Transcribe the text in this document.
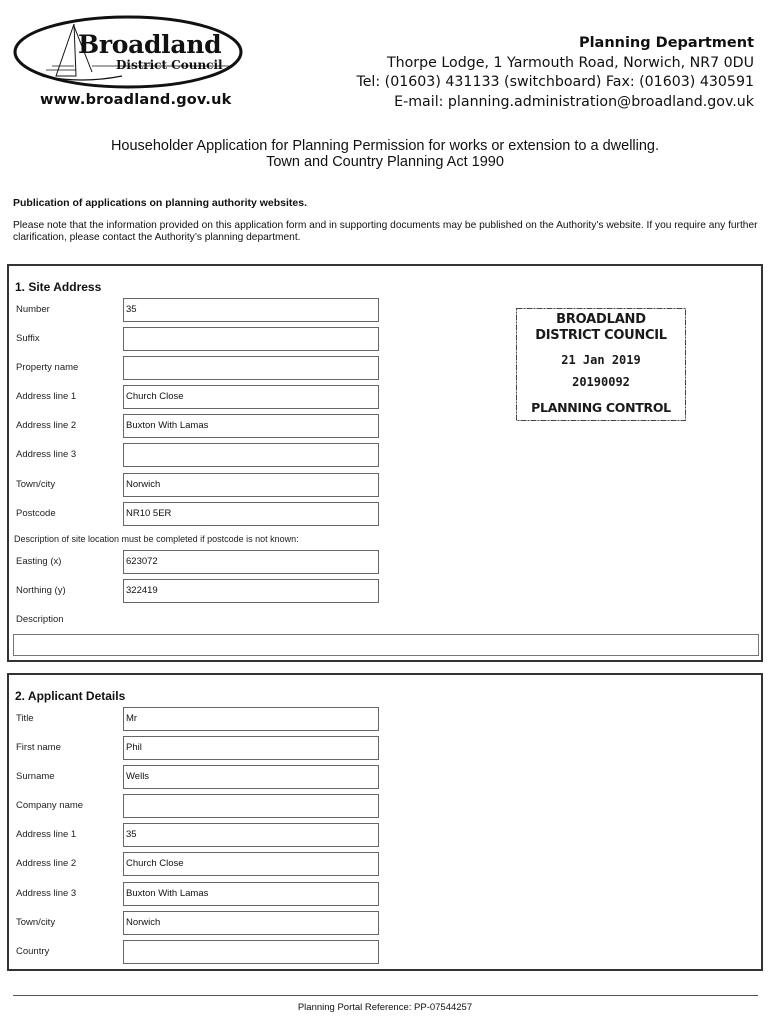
Broadland
District Council
www.broadland.gov.uk
Planning Department
Thorpe Lodge, 1 Yarmouth Road, Norwich, NR7 0DU
Tel: (01603) 431133 (switchboard) Fax: (01603) 430591
E-mail: planning.administration@broadland.gov.uk
Householder Application for Planning Permission for works or extension to a dwelling.
Town and Country Planning Act 1990
Publication of applications on planning authority websites.
Please note that the information provided on this application form and in supporting documents may be published on the Authority’s website. If you require any further clarification, please contact the Authority’s planning department.
1. Site Address
Number	35
Suffix
Property name
Address line 1	Church Close
Address line 2	Buxton With Lamas
Address line 3
Town/city	Norwich
Postcode	NR10 5ER
Description of site location must be completed if postcode is not known:
Easting (x)	623072
Northing (y)	322419
Description
BROADLAND
DISTRICT COUNCIL
21 Jan 2019
20190092
PLANNING CONTROL
2. Applicant Details
Title	Mr
First name	Phil
Surname	Wells
Company name
Address line 1	35
Address line 2	Church Close
Address line 3	Buxton With Lamas
Town/city	Norwich
Country
Planning Portal Reference: PP-07544257
